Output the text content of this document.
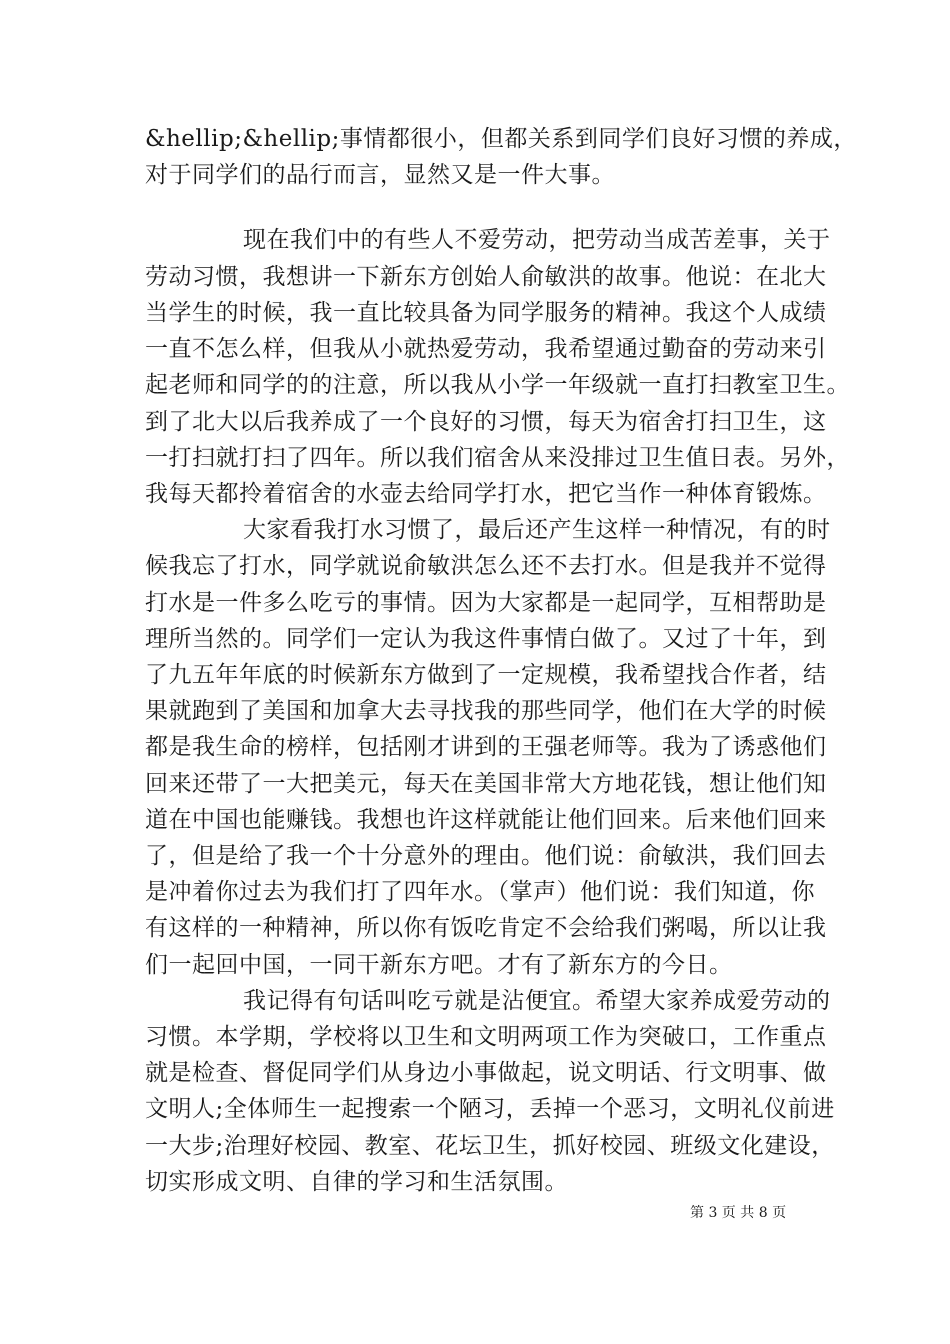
&hellip;&hellip;事情都很小，但都关系到同学们良好习惯的养成，
对于同学们的品行而言，显然又是一件大事。
现在我们中的有些人不爱劳动，把劳动当成苦差事，关于
劳动习惯，我想讲一下新东方创始人俞敏洪的故事。他说：在北大
当学生的时候，我一直比较具备为同学服务的精神。我这个人成绩
一直不怎么样，但我从小就热爱劳动，我希望通过勤奋的劳动来引
起老师和同学的的注意，所以我从小学一年级就一直打扫教室卫生。
到了北大以后我养成了一个良好的习惯，每天为宿舍打扫卫生，这
一打扫就打扫了四年。所以我们宿舍从来没排过卫生值日表。另外，
我每天都拎着宿舍的水壶去给同学打水，把它当作一种体育锻炼。
大家看我打水习惯了，最后还产生这样一种情况，有的时
候我忘了打水，同学就说俞敏洪怎么还不去打水。但是我并不觉得
打水是一件多么吃亏的事情。因为大家都是一起同学，互相帮助是
理所当然的。同学们一定认为我这件事情白做了。又过了十年，到
了九五年年底的时候新东方做到了一定规模，我希望找合作者，结
果就跑到了美国和加拿大去寻找我的那些同学，他们在大学的时候
都是我生命的榜样，包括刚才讲到的王强老师等。我为了诱惑他们
回来还带了一大把美元，每天在美国非常大方地花钱，想让他们知
道在中国也能赚钱。我想也许这样就能让他们回来。后来他们回来
了，但是给了我一个十分意外的理由。他们说：俞敏洪，我们回去
是冲着你过去为我们打了四年水。（掌声）他们说：我们知道，你
有这样的一种精神，所以你有饭吃肯定不会给我们粥喝，所以让我
们一起回中国，一同干新东方吧。才有了新东方的今日。
我记得有句话叫吃亏就是沾便宜。希望大家养成爱劳动的
习惯。本学期，学校将以卫生和文明两项工作为突破口，工作重点
就是检查、督促同学们从身边小事做起，说文明话、行文明事、做
文明人;全体师生一起搜索一个陋习，丢掉一个恶习，文明礼仪前进
一大步;治理好校园、教室、花坛卫生，抓好校园、班级文化建设，
切实形成文明、自律的学习和生活氛围。
第 3 页 共 8 页
